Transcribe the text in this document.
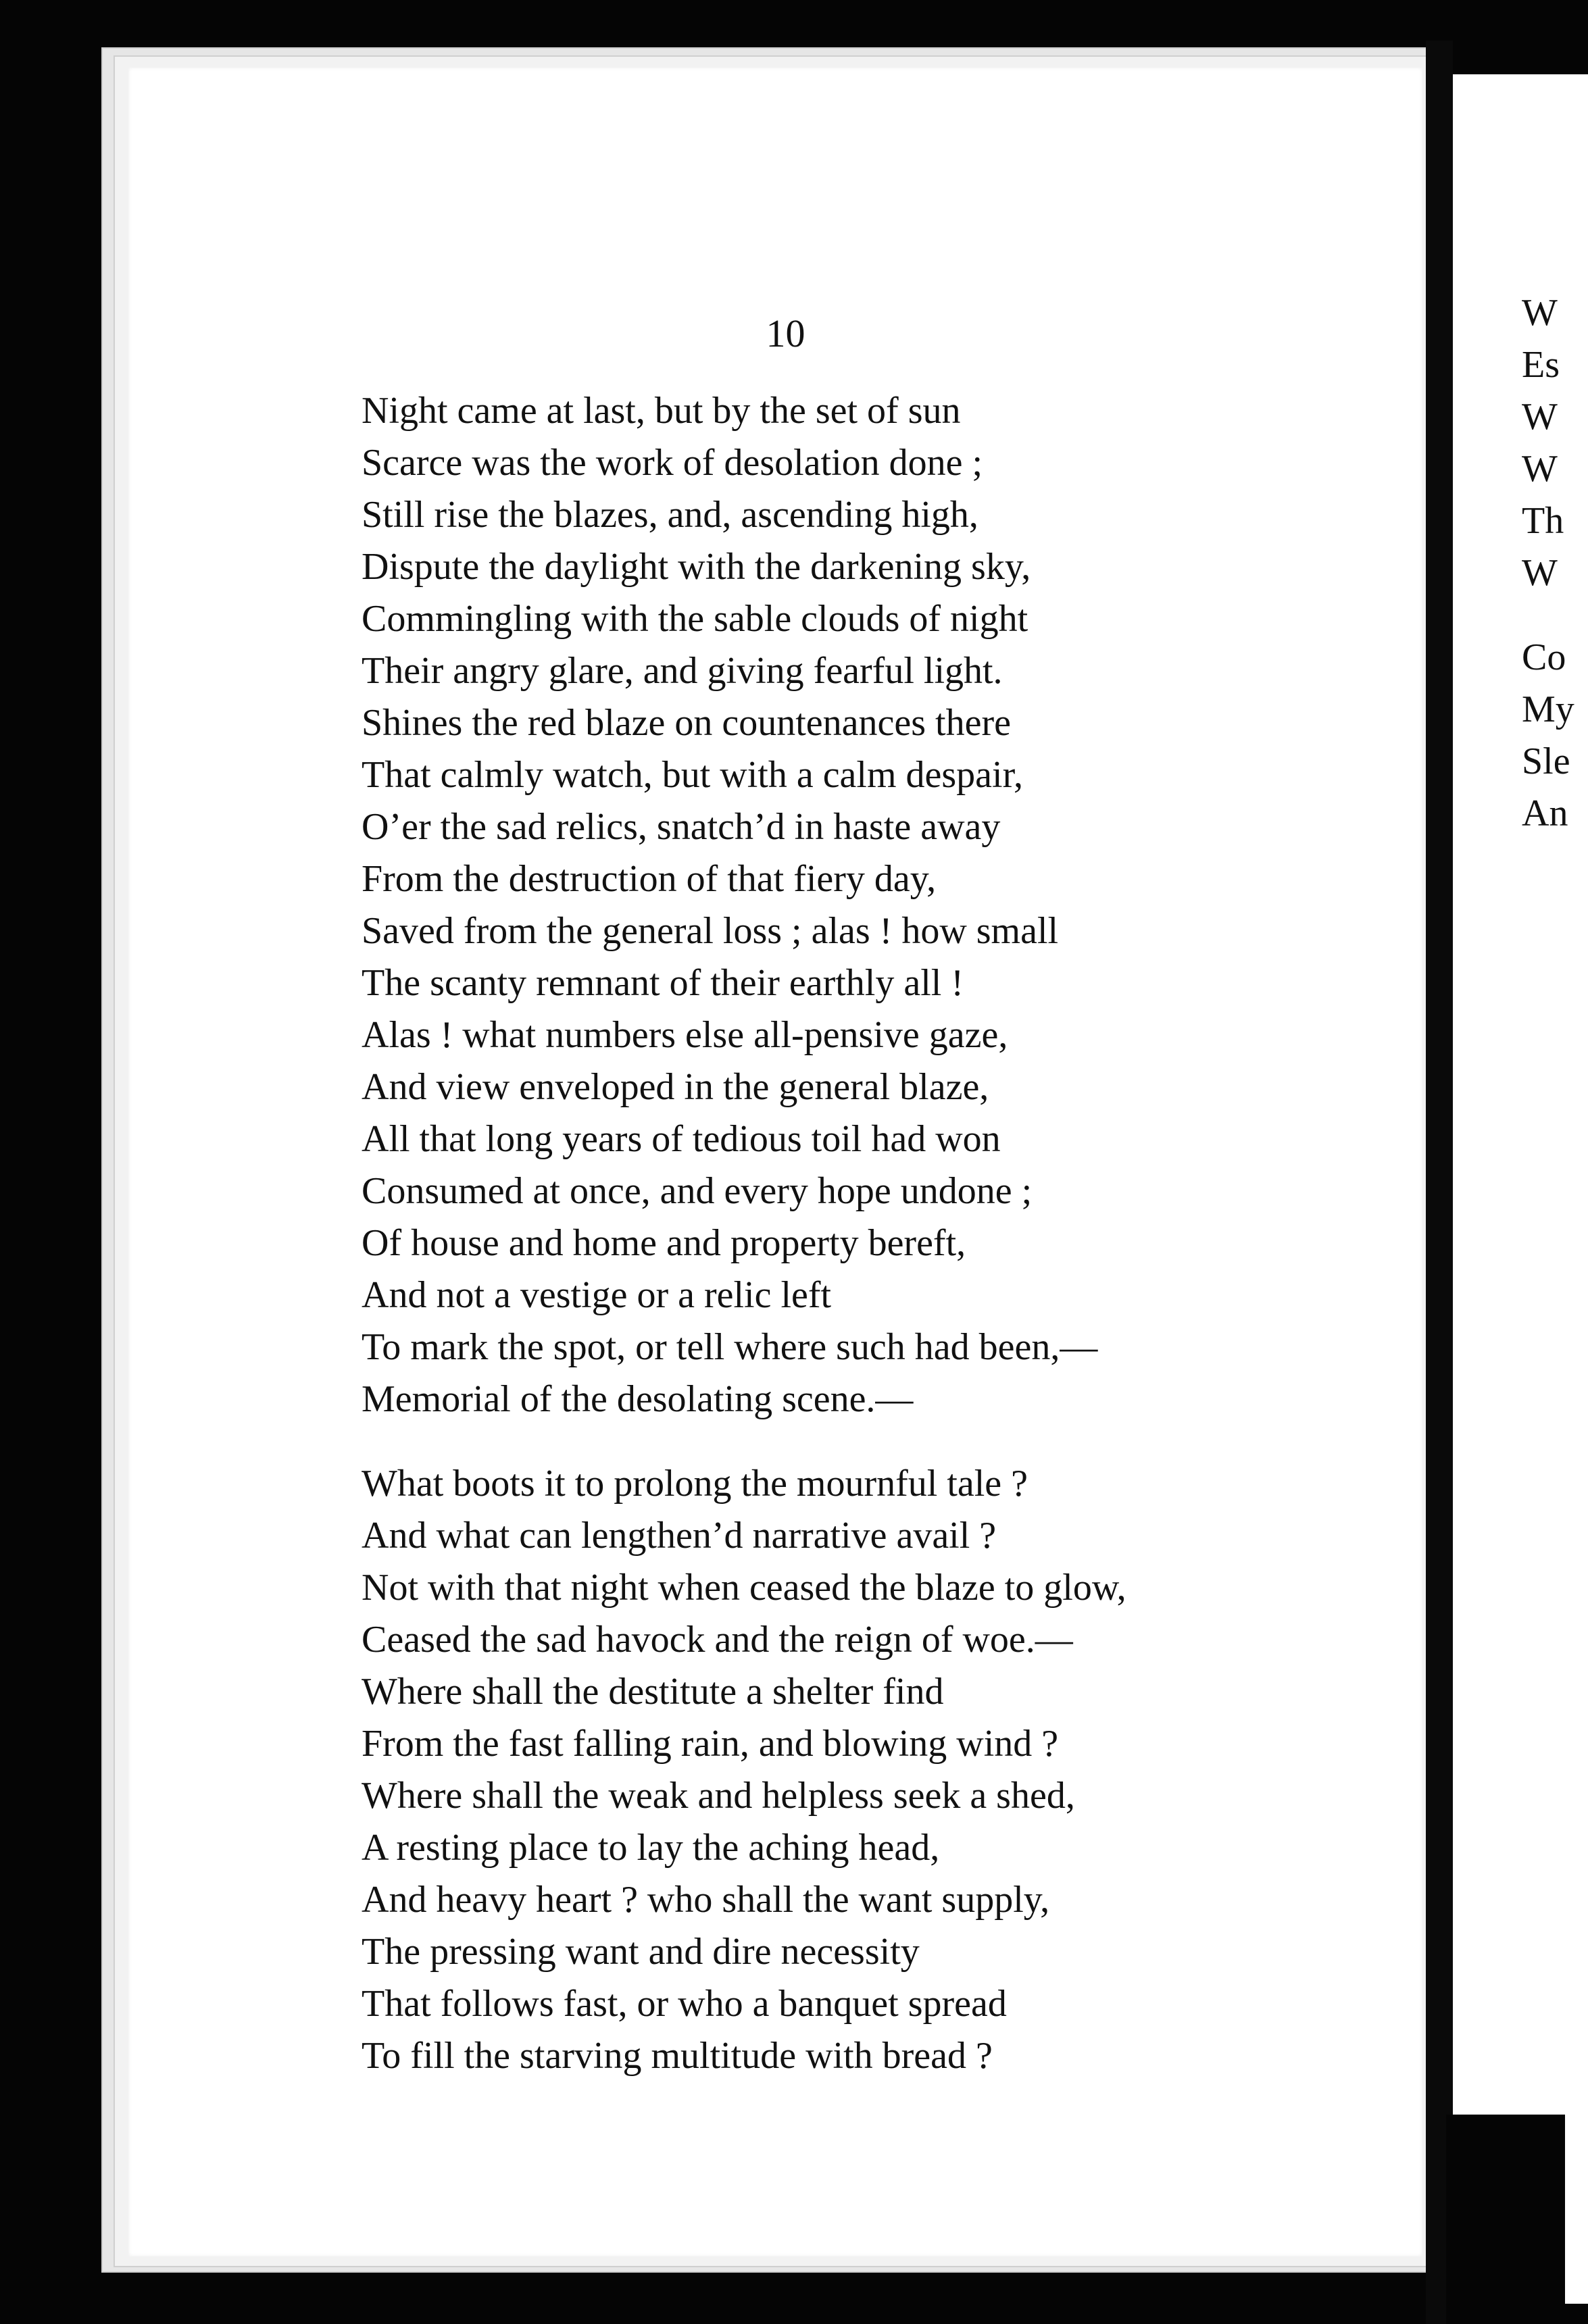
10
Night came at last, but by the set of sun
Scarce was the work of desolation done ;
Still rise the blazes, and, ascending high,
Dispute the daylight with the darkening sky,
Commingling with the sable clouds of night
Their angry glare, and giving fearful light.
Shines the red blaze on countenances there
That calmly watch, but with a calm despair,
O’er the sad relics, snatch’d in haste away
From the destruction of that fiery day,
Saved from the general loss ; alas ! how small
The scanty remnant of their earthly all !
Alas ! what numbers else all-pensive gaze,
And view enveloped in the general blaze,
All that long years of tedious toil had won
Consumed at once, and every hope undone ;
Of house and home and property bereft,
And not a vestige or a relic left
To mark the spot, or tell where such had been,—
Memorial of the desolating scene.—
What boots it to prolong the mournful tale ?
And what can lengthen’d narrative avail ?
Not with that night when ceased the blaze to glow,
Ceased the sad havock and the reign of woe.—
Where shall the destitute a shelter find
From the fast falling rain, and blowing wind ?
Where shall the weak and helpless seek a shed,
A resting place to lay the aching head,
And heavy heart ? who shall the want supply,
The pressing want and dire necessity
That follows fast, or who a banquet spread
To fill the starving multitude with bread ?
W
Es
W
W
Th
W
Co
My
Sle
An
